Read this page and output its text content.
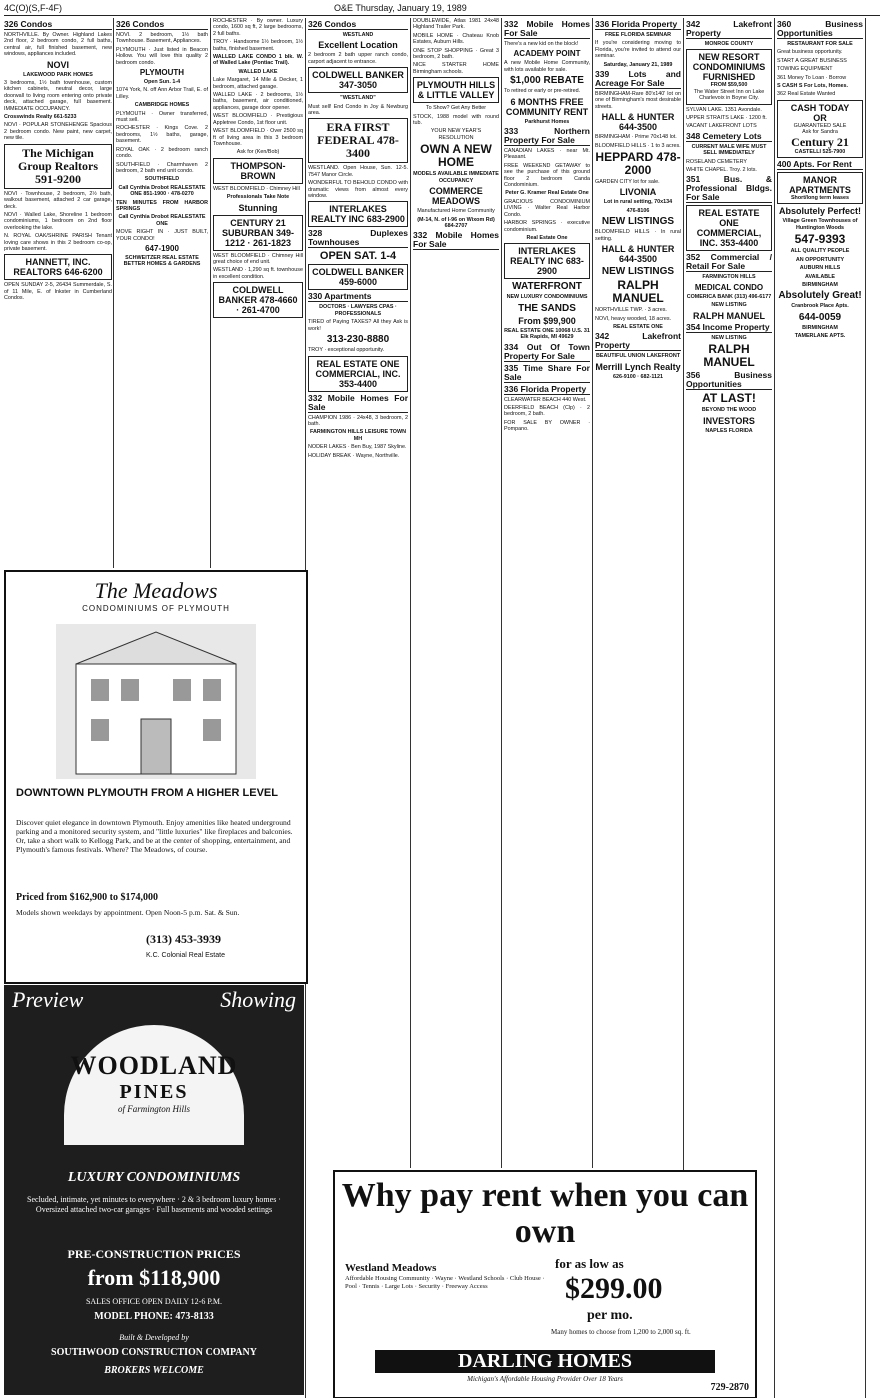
4C(O)(S,F-4F)	O&E Thursday, January 19, 1989
326 Condos

NORTHVILLE. By Owner. Highland Lakes 2nd floor, 2 bedroom condo, 2 full baths, central air, full finished basement, new windows, appliances included.

NOVI

LAKEWOOD PARK HOMES

3 bedrooms, 1½ bath townhouse, custom kitchen cabinets, neutral decor, large doorwall to living room entering onto private deck, attached garage, full basement. IMMEDIATE OCCUPANCY.

Crosswinds Realty 661-5233

NOVI · POPULAR STONEHENGE Spacious 2 bedroom condo. New paint, new carpet, new tile.

The Michigan Group Realtors 591-9200

NOVI · Townhouse, 2 bedroom, 2½ bath, walkout basement, attached 2 car garage, deck.

NOVI · Walled Lake, Shoreline 1 bedroom condominiums, 1 bedroom on 2nd floor overlooking the lake.

N. ROYAL OAK/SHRINE PARISH Tenant loving care shows in this 2 bedroom co-op, private basement.

HANNETT, INC. REALTORS 646-6200

OPEN SUNDAY 2-5, 26434 Summerdale, S. of 11 Mile, E. of Inkster in Cumberland Condos.

326 Condos

NOVI. 2 bedroom, 1½ bath Townhouse. Basement, Appliances.

PLYMOUTH · Just listed in Beacon Hollow. You will love this quality 2 bedroom condo.

PLYMOUTH

Open Sun. 1-4

1074 York, N. off Ann Arbor Trail, E. of Lilley.

CAMBRIDGE HOMES

PLYMOUTH · Owner transferred, must sell.

ROCHESTER · Kings Cove. 2 bedrooms, 1½ baths, garage, basement.

ROYAL OAK · 2 bedroom ranch condo.

SOUTHFIELD · Charmhaven 2 bedroom, 2 bath end unit condo.

SOUTHFIELD

Call Cynthia Drobot REALESTATE ONE 851-1900 · 478-0270

TEN MINUTES FROM HARBOR SPRINGS

Call Cynthia Drobot REALESTATE ONE

MOVE RIGHT IN · JUST BUILT, YOUR CONDO!

647-1900

SCHWEITZER REAL ESTATE BETTER HOMES & GARDENS

ROCHESTER · By owner. Luxury condo, 1600 sq ft, 2 large bedrooms, 2 full baths.

TROY · Handsome 1½ bedroom, 1½ baths, finished basement.

WALLED LAKE CONDO 1 blk. W. of Walled Lake (Pontiac Trail).

WALLED LAKE

Lake Margaret, 14 Mile & Decker, 1 bedroom, attached garage.

WALLED LAKE · 2 bedrooms, 1½ baths, basement, air conditioned, appliances, garage door opener.

WEST BLOOMFIELD · Prestigious Appletree Condo, 1st floor unit.

WEST BLOOMFIELD · Over 2500 sq ft of living area in this 3 bedroom Townhouse.

Ask for (Ken/Bob)

THOMPSON-BROWN

WEST BLOOMFIELD · Chimney Hill

Professionals Take Note

Stunning

CENTURY 21 SUBURBAN 349-1212 · 261-1823

WEST BLOOMFIELD · Chimney Hill great choice of end unit.

WESTLAND · 1,290 sq ft. townhouse in excellent condition.

COLDWELL BANKER 478-4660 · 261-4700
326 Condos

WESTLAND

Excellent Location

2 bedroom 2 bath upper ranch condo, carport adjacent to entrance.

COLDWELL BANKER 347-3050

"WESTLAND"

Must sell! End Condo in Joy & Newburg area.

ERA FIRST FEDERAL 478-3400

WESTLAND. Open House, Sun. 12-5. 7547 Manor Circle.

WONDERFUL TO BEHOLD CONDO with dramatic views from almost every window.

INTERLAKES REALTY INC 683-2900
328 Duplexes Townhouses

OPEN SAT. 1-4

COLDWELL BANKER 459-6000
330 Apartments

DOCTORS · LAWYERS CPAS · PROFESSIONALS

TIRED of Paying TAXES? All they Ask is work!

313-230-8880

TROY · exceptional opportunity.

REAL ESTATE ONE COMMERCIAL, INC. 353-4400
332 Mobile Homes For Sale

CHAMPION 1986 · 24x48, 3 bedroom, 2 bath.

FARMINGTON HILLS LEISURE TOWN MH

NODER LAKES · Ben Buy, 1987 Skyline.

HOLIDAY BREAK · Wayne, Northville.

DOUBLEWIDE, Atlas 1981 24x48 Highland Trailer Park.

MOBILE HOME · Chateau Knob Estates, Auburn Hills.

ONE STOP SHOPPING · Great 3 bedroom, 2 bath.

NICE STARTER HOME Birmingham schools.

PLYMOUTH HILLS & LITTLE VALLEY

To Show? Get Any Better

STOCK, 1988 model with round tub.

YOUR NEW YEAR'S RESOLUTION

OWN A NEW HOME

MODELS AVAILABLE IMMEDIATE OCCUPANCY

COMMERCE MEADOWS

Manufactured Home Community

(M-14, N. of I-96 on Wixom Rd) 684-2707

332 Mobile Homes For Sale
332 Mobile Homes For Sale

There's a new kid on the block!

ACADEMY POINT

A new Mobile Home Community, with lots available for sale.

$1,000 REBATE

To retired or early or pre-retired.

6 MONTHS FREE COMMUNITY RENT

Parkhurst Homes

333 Northern Property For Sale

CANADIAN LAKES · near Mt. Pleasant.

FREE WEEKEND GETAWAY to see the purchase of this ground floor 2 bedroom Canda Condominium.

Peter G. Kramer Real Estate One

GRACIOUS CONDOMINIUM LIVING · Walter Real Harbor Condo.

HARBOR SPRINGS · executive condominium.

Real Estate One

INTERLAKES REALTY INC 683-2900

WATERFRONT

NEW LUXURY CONDOMINIUMS

THE SANDS

From $99,900

REAL ESTATE ONE 10068 U.S. 31 Elk Rapids, MI 49629

334 Out Of Town Property For Sale
335 Time Share For Sale
336 Florida Property

CLEARWATER BEACH 440 West.

DEERFIELD BEACH (Clp) · 2 bedroom, 2 bath.

FOR SALE BY OWNER · Pompano.

336 Florida Property

FREE FLORIDA SEMINAR

If you're considering moving to Florida, you're invited to attend our seminar.

Saturday, January 21, 1989

339 Lots and Acreage For Sale

BIRMINGHAM-Rare 80'x140' lot on one of Birmingham's most desirable streets.

HALL & HUNTER 644-3500

BIRMINGHAM · Prime 70x148 lot.

BLOOMFIELD HILLS · 1 to 3 acres.

HEPPARD 478-2000

GARDEN CITY lot for sale.

LIVONIA

Lot in rural setting, 70x134

476-8106

NEW LISTINGS

BLOOMFIELD HILLS · In rural setting.

HALL & HUNTER 644-3500

NEW LISTINGS

RALPH MANUEL

NORTHVILLE TWP. · 3 acres.

NOVI, heavy wooded, 18 acres.

REAL ESTATE ONE

342 Lakefront Property

BEAUTIFUL UNION LAKEFRONT

Merrill Lynch Realty

626-9100 · 682-1121

342 Lakefront Property

MONROE COUNTY

NEW RESORT CONDOMINIUMS FURNISHED
FROM $59,500
The Water Street Inn on Lake Charlevoix in Boyne City.

SYLVAN LAKE. 1351 Avondale.

UPPER STRAITS LAKE · 1200 ft.

VACANT LAKEFRONT LOTS

348 Cemetery Lots

CURRENT MALE WIFE MUST SELL IMMEDIATELY

ROSELAND CEMETERY

WHITE CHAPEL. Troy. 2 lots.

351 Bus. & Professional Bldgs. For Sale
REAL ESTATE ONE COMMERCIAL, INC. 353-4400
352 Commercial / Retail For Sale

FARMINGTON HILLS

MEDICAL CONDO

COMERICA BANK (313) 496-6177

NEW LISTING

RALPH MANUEL

354 Income Property

NEW LISTING

RALPH MANUEL

356 Business Opportunities

AT LAST!

BEYOND THE WOOD

INVESTORS

NAPLES FLORIDA

360 Business Opportunities

RESTAURANT FOR SALE

Great business opportunity.

START A GREAT BUSINESS

TOWING EQUIPMENT

361 Money To Loan · Borrow

S CASH S For Lots, Homes.

362 Real Estate Wanted

CASH TODAY
OR
GUARANTEED SALE
Ask for Sandra
Century 21
CASTELLI 525-7900
400 Apts. For Rent
MANOR APARTMENTS
Short/long term leases

Absolutely Perfect!

Village Green Townhouses of Huntington Woods

547-9393

ALL QUALITY PEOPLE

AN OPPORTUNITY

AUBURN HILLS

AVAILABLE

BIRMINGHAM

Absolutely Great!

Cranbrook Place Apts.

644-0059

BIRMINGHAM

TAMERLANE APTS.

The Meadows
CONDOMINIUMS OF PLYMOUTH
DOWNTOWN PLYMOUTH FROM A HIGHER LEVEL
Discover quiet elegance in downtown Plymouth. Enjoy amenities like heated underground parking and a monitored security system, and "little luxuries" like fireplaces and balconies. Or, take a short walk to Kellogg Park, and be at the center of shopping, entertainment, and Plymouth's famous festivals. Where? The Meadows, of course.
Priced from $162,900 to $174,000
Models shown weekdays by appointment. Open Noon-5 p.m. Sat. & Sun.
(313) 453-3939
K.C. Colonial Real Estate
Preview	Showing
WOODLAND
PINES
of Farmington Hills
LUXURY CONDOMINIUMS
Secluded, intimate, yet minutes to everywhere · 2 & 3 bedroom luxury homes · Oversized attached two-car garages · Full basements and wooded settings
PRE-CONSTRUCTION PRICES
from $118,900
SALES OFFICE OPEN DAILY 12-6 P.M.
MODEL PHONE: 473-8133
Built & Developed by
SOUTHWOOD CONSTRUCTION COMPANY
BROKERS WELCOME
Why pay rent when you can own
Westland Meadows
Affordable Housing Community · Wayne · Westland Schools · Club House · Pool · Tennis · Large Lots · Security · Freeway Access
for as low as
$299.00
per mo.
Many homes to choose from 1,200 to 2,000 sq. ft.
DARLING HOMES
Michigan's Affordable Housing Provider Over 18 Years
729-2870
